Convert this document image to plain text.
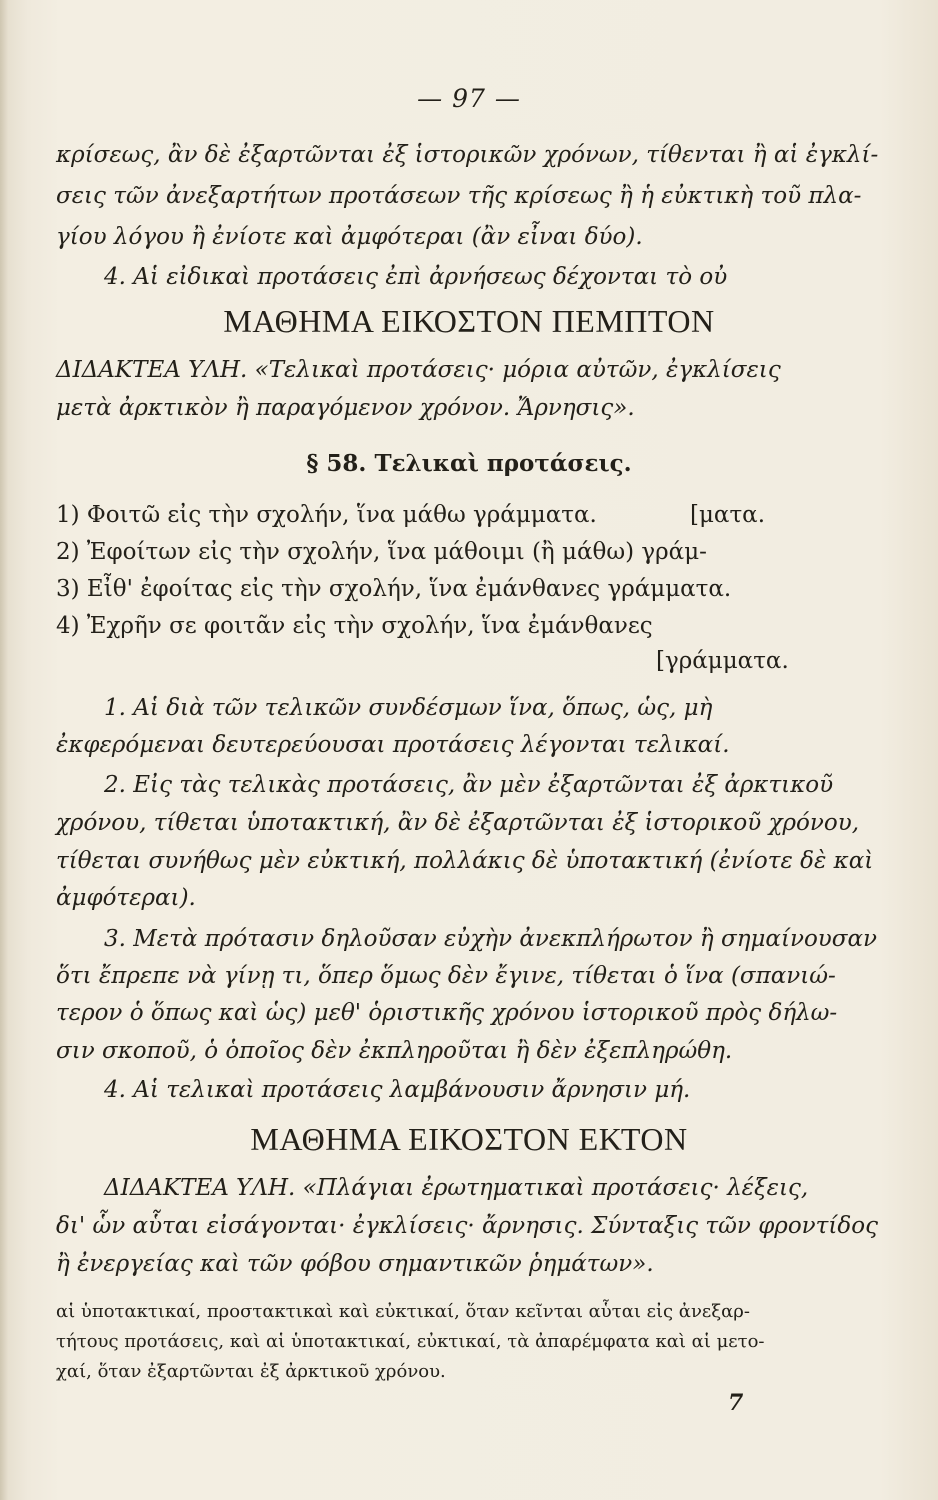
— 97 —
κρίσεως, ἂν δὲ ἐξαρτῶνται ἐξ ἱστορικῶν χρόνων, τίθενται ἢ αἱ ἐγκλί-
σεις τῶν ἀνεξαρτήτων προτάσεων τῆς κρίσεως ἢ ἡ εὐκτικὴ τοῦ πλα-
γίου λόγου ἢ ἐνίοτε καὶ ἀμφότεραι (ἂν εἶναι δύο).
4. Αἱ εἰδικαὶ προτάσεις ἐπὶ ἀρνήσεως δέχονται τὸ οὐ
ΜΑΘΗΜΑ ΕΙΚΟΣΤΟΝ ΠΕΜΠΤΟΝ
ΔΙΔΑΚΤΕΑ ΥΛΗ. «Τελικαὶ προτάσεις· μόρια αὐτῶν, ἐγκλίσεις
μετὰ ἀρκτικὸν ἢ παραγόμενον χρόνον. Ἄρνησις».
§ 58. Τελικαὶ προτάσεις.
1) Φοιτῶ εἰς τὴν σχολήν, ἵνα μάθω γράμματα.	[ματα.
2) Ἐφοίτων εἰς τὴν σχολήν, ἵνα μάθοιμι (ἢ μάθω) γράμ-
3) Εἶθ' ἐφοίτας εἰς τὴν σχολήν, ἵνα ἐμάνθανες γράμματα.
4) Ἐχρῆν σε φοιτᾶν εἰς τὴν σχολήν, ἵνα ἐμάνθανες
[γράμματα.
1. Αἱ διὰ τῶν τελικῶν συνδέσμων ἵνα, ὅπως, ὡς, μὴ
ἐκφερόμεναι δευτερεύουσαι προτάσεις λέγονται τελικαί.
2. Εἰς τὰς τελικὰς προτάσεις, ἂν μὲν ἐξαρτῶνται ἐξ ἀρκτικοῦ
χρόνου, τίθεται ὑποτακτική, ἂν δὲ ἐξαρτῶνται ἐξ ἱστορικοῦ χρόνου,
τίθεται συνήθως μὲν εὐκτική, πολλάκις δὲ ὑποτακτική (ἐνίοτε δὲ καὶ
ἀμφότεραι).
3. Μετὰ πρότασιν δηλοῦσαν εὐχὴν ἀνεκπλήρωτον ἢ σημαίνουσαν
ὅτι ἔπρεπε νὰ γίνῃ τι, ὅπερ ὅμως δὲν ἔγινε, τίθεται ὁ ἵνα (σπανιώ-
τερον ὁ ὅπως καὶ ὡς) μεθ' ὁριστικῆς χρόνου ἱστορικοῦ πρὸς δήλω-
σιν σκοποῦ, ὁ ὁποῖος δὲν ἐκπληροῦται ἢ δὲν ἐξεπληρώθη.
4. Αἱ τελικαὶ προτάσεις λαμβάνουσιν ἄρνησιν μή.
ΜΑΘΗΜΑ ΕΙΚΟΣΤΟΝ ΕΚΤΟΝ
ΔΙΔΑΚΤΕΑ ΥΛΗ. «Πλάγιαι ἐρωτηματικαὶ προτάσεις· λέξεις,
δι' ὧν αὗται εἰσάγονται· ἐγκλίσεις· ἄρνησις. Σύνταξις τῶν φροντίδος
ἢ ἐνεργείας καὶ τῶν φόβου σημαντικῶν ῥημάτων».
αἱ ὑποτακτικαί, προστακτικαὶ καὶ εὐκτικαί, ὅταν κεῖνται αὗται εἰς ἀνεξαρ-
τήτους προτάσεις, καὶ αἱ ὑποτακτικαί, εὐκτικαί, τὰ ἀπαρέμφατα καὶ αἱ μετο-
χαί, ὅταν ἐξαρτῶνται ἐξ ἀρκτικοῦ χρόνου.
7
